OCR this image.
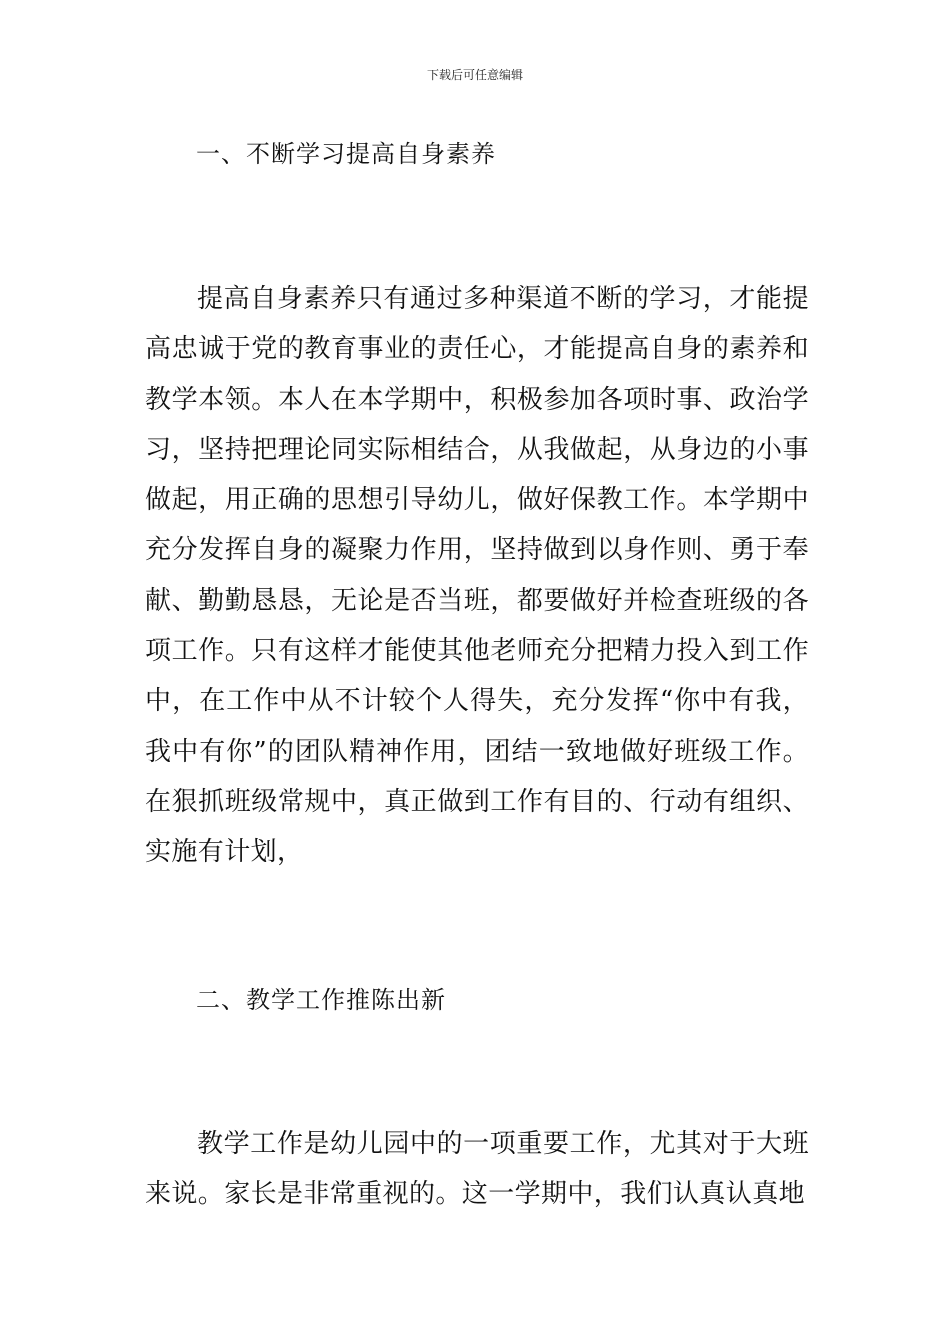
下载后可任意编辑
一、不断学习提高自身素养

提高自身素养只有通过多种渠道不断的学习，才能提高忠诚于党的教育事业的责任心，才能提高自身的素养和教学本领。本人在本学期中，积极参加各项时事、政治学习，坚持把理论同实际相结合，从我做起，从身边的小事做起，用正确的思想引导幼儿，做好保教工作。本学期中充分发挥自身的凝聚力作用，坚持做到以身作则、勇于奉献、勤勤恳恳，无论是否当班，都要做好并检查班级的各项工作。只有这样才能使其他老师充分把精力投入到工作中，在工作中从不计较个人得失，充分发挥“你中有我，我中有你”的团队精神作用，团结一致地做好班级工作。在狠抓班级常规中，真正做到工作有目的、行动有组织、实施有计划，

二、教学工作推陈出新

教学工作是幼儿园中的一项重要工作，尤其对于大班来说。家长是非常重视的。这一学期中，我们认真认真地
